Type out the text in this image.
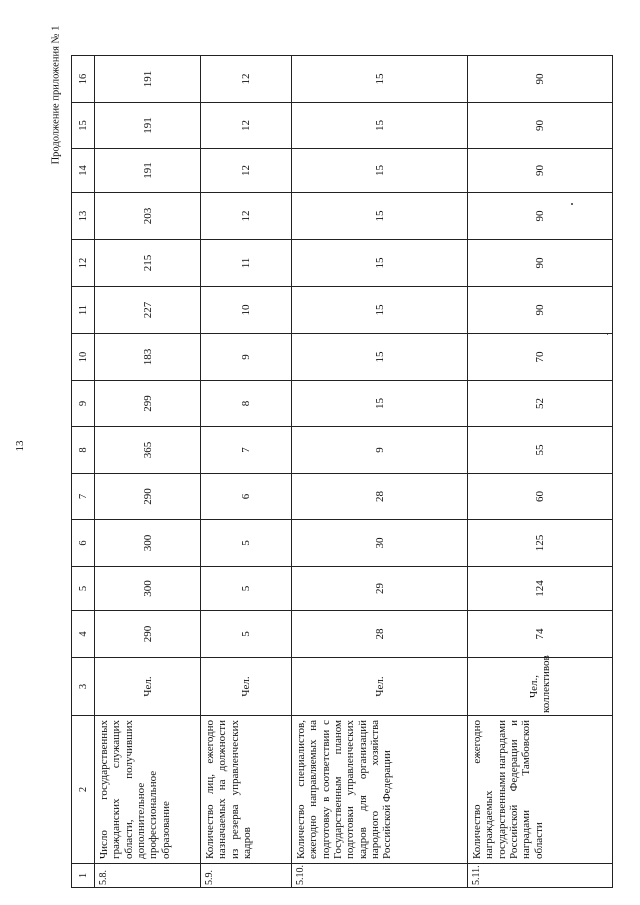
13
Продолжение приложения № 1
1	2	3	4	5	6	7	8	9	10	11	12	13	14	15	16
5.8.	Число государственных гражданских служащих области, получивших дополнительное профессиональное образование	Чел.	290	300	300	290	365	299	183	227	215	203	191	191	191
5.9.	Количество лиц, ежегодно назначаемых на должности из резерва управленческих кадров	Чел.	5	5	5	6	7	8	9	10	11	12	12	12	12
5.10.	Количество специалистов, ежегодно направляемых на подготовку в соответствии с Государственным планом подготовки управленческих кадров для организаций народного хозяйства Российской Федерации	Чел.	28	29	30	28	9	15	15	15	15	15	15	15	15
5.11.	Количество ежегодно награждаемых государственными наградами Российской Федерации и наградами Тамбовской области	Чел., коллективов	74	124	125	60	55	52	70	90	90	90	90	90	90
